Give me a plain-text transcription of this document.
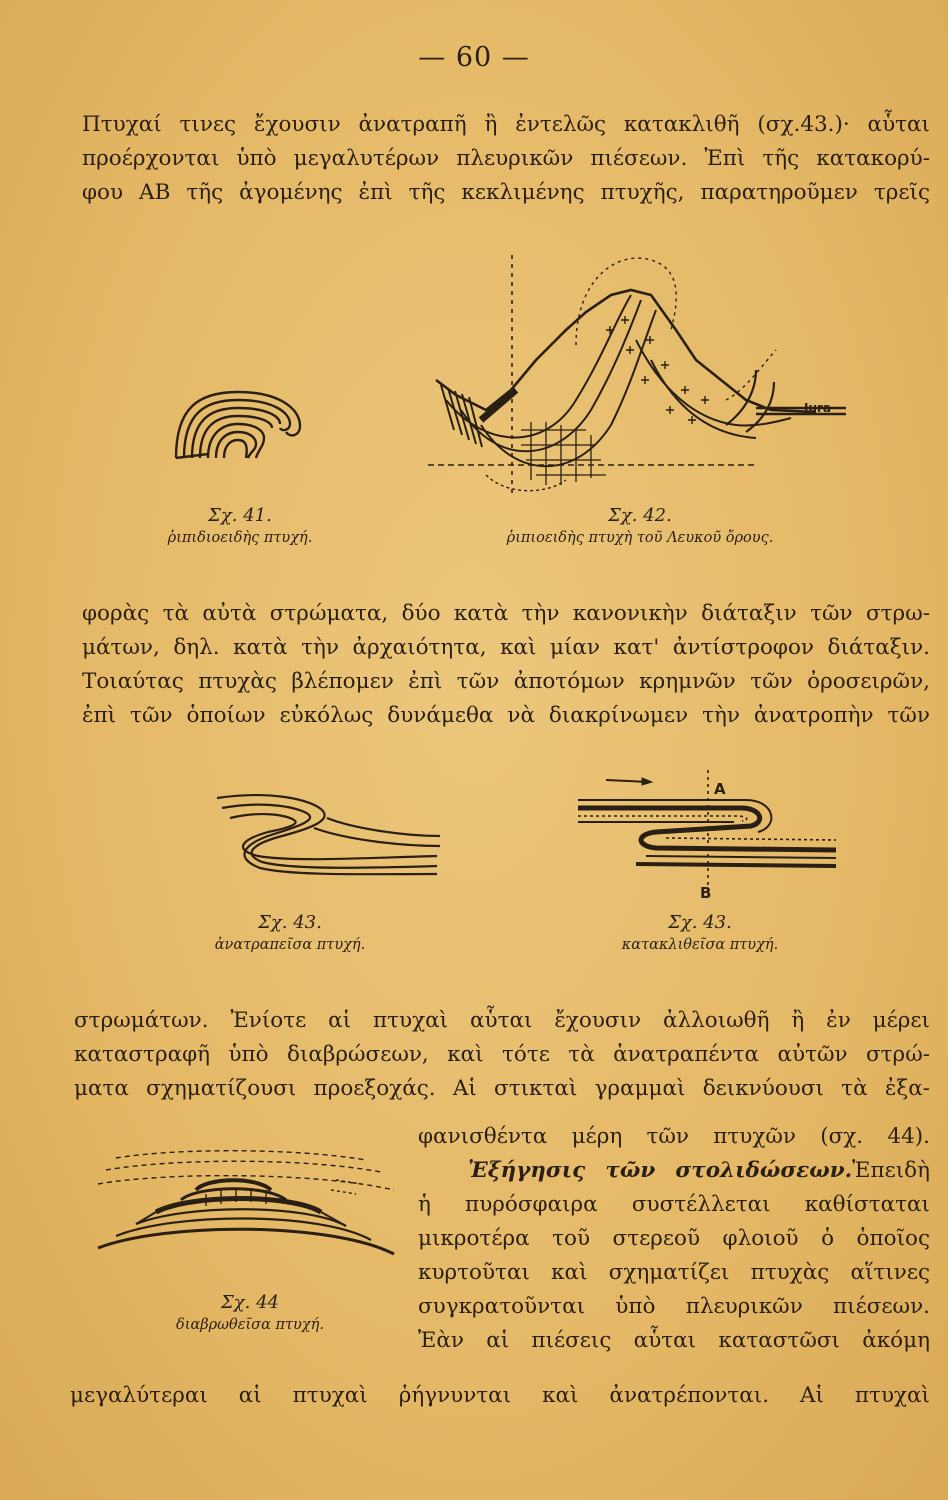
— 60 —
Πτυχαί τινες ἔχουσιν ἀνατραπῆ ἢ ἐντελῶς κατακλιθῆ (σχ.43.)· αὗται
προέρχονται ὑπὸ μεγαλυτέρων πλευρικῶν πιέσεων. Ἐπὶ τῆς κατακορύ-
φου ΑΒ τῆς ἀγομένης ἐπὶ τῆς κεκλιμένης πτυχῆς, παρατηροῦμεν τρεῖς
Σχ. 41.
ῥιπιδιοειδὴς πτυχή.
Jura
Σχ. 42.
ῥιπιοειδὴς πτυχὴ τοῦ Λευκοῦ ὄρους.
φορὰς τὰ αὐτὰ στρώματα, δύο κατὰ τὴν κανονικὴν διάταξιν τῶν στρω-
μάτων, δηλ. κατὰ τὴν ἀρχαιότητα, καὶ μίαν κατ' ἀντίστροφον διάταξιν.
Τοιαύτας πτυχὰς βλέπομεν ἐπὶ τῶν ἀποτόμων κρημνῶν τῶν ὀροσειρῶν,
ἐπὶ τῶν ὁποίων εὐκόλως δυνάμεθα νὰ διακρίνωμεν τὴν ἀνατροπὴν τῶν
Σχ. 43.
ἀνατραπεῖσα πτυχή.
A
B
Σχ. 43.
κατακλιθεῖσα πτυχή.
στρωμάτων. Ἐνίοτε αἱ πτυχαὶ αὗται ἔχουσιν ἀλλοιωθῆ ἢ ἐν μέρει
καταστραφῆ ὑπὸ διαβρώσεων, καὶ τότε τὰ ἀνατραπέντα αὐτῶν στρώ-
ματα σχηματίζουσι προεξοχάς. Αἱ στικταὶ γραμμαὶ δεικνύουσι τὰ ἐξα-
Σχ. 44
διαβρωθεῖσα πτυχή.
φανισθέντα μέρη τῶν πτυχῶν (σχ. 44).
Ἐξήγησις τῶν στολιδώσεων.Ἐπειδὴ
ἡ πυρόσφαιρα συστέλλεται καθίσταται
μικροτέρα τοῦ στερεοῦ φλοιοῦ ὁ ὁποῖος
κυρτοῦται καὶ σχηματίζει πτυχὰς αἵτινες
συγκρατοῦνται ὑπὸ πλευρικῶν πιέσεων.
Ἐὰν αἱ πιέσεις αὗται καταστῶσι ἀκόμη
μεγαλύτεραι αἱ πτυχαὶ ῥήγνυνται καὶ ἀνατρέπονται. Αἱ πτυχαὶ
